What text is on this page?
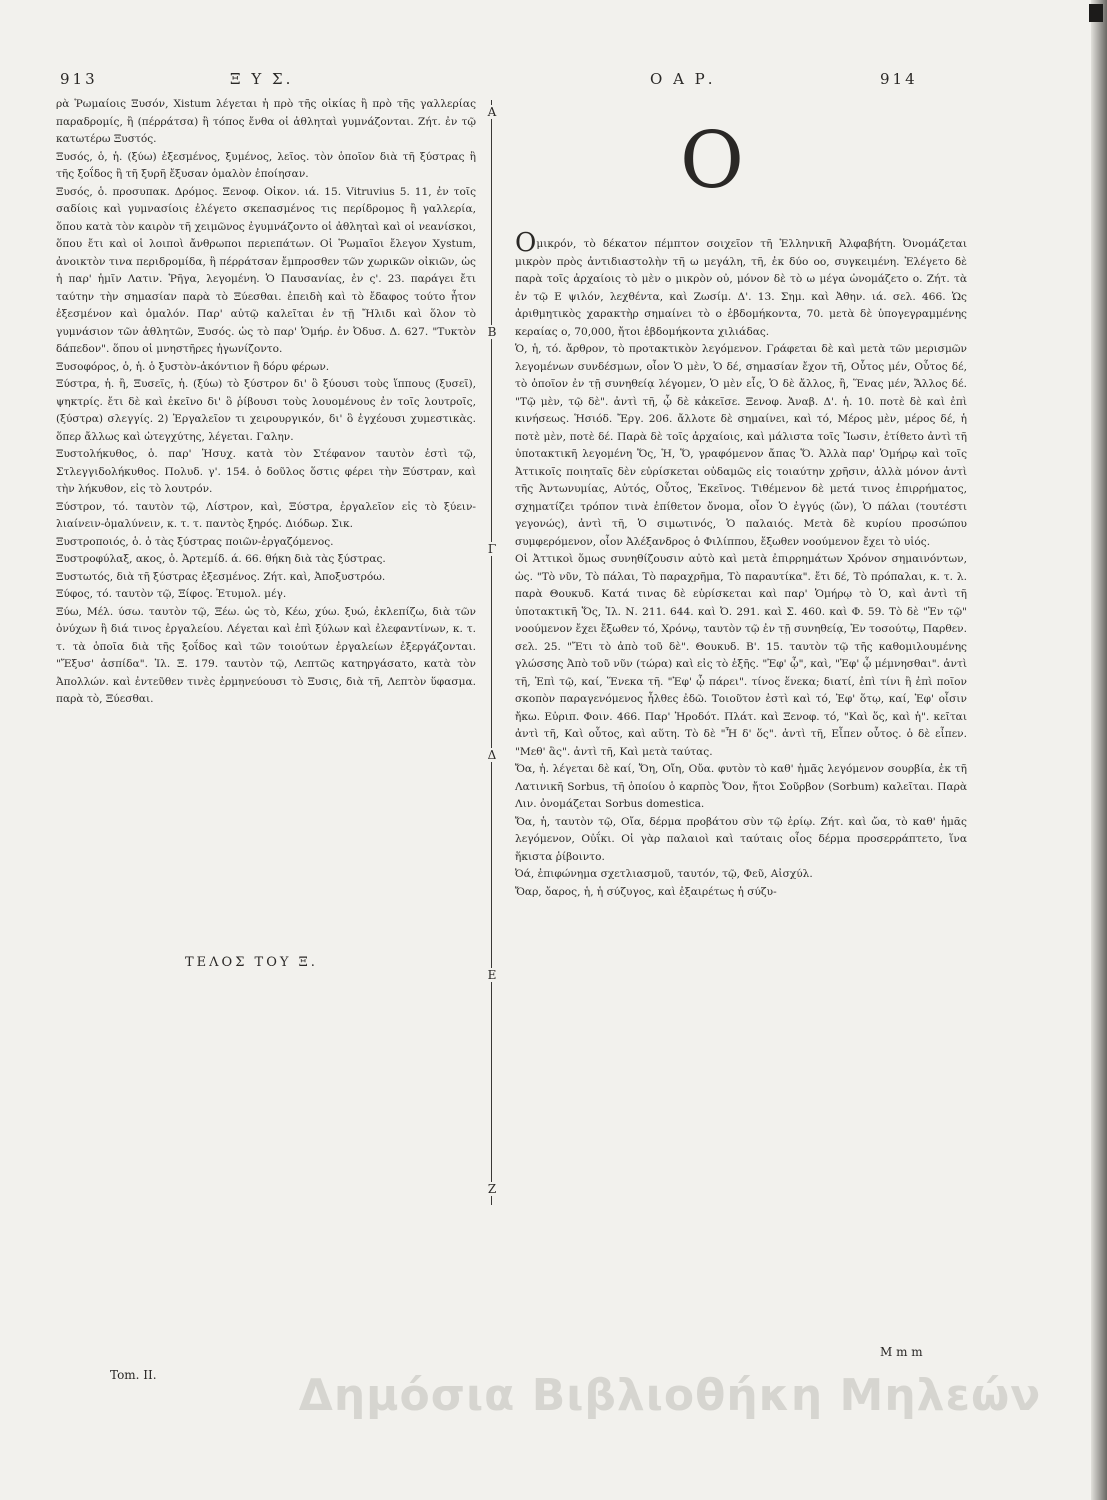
913	Ξ Υ Σ.	Ο Α Ρ.	914

ρὰ Ῥωμαίοις Ξυσόν, Xistum λέγεται ἡ πρὸ τῆς οἰκίας ἢ πρὸ τῆς γαλλερίας παραδρομίς, ἢ (πέρράτσα) ἢ τόπος ἔνθα οἱ ἀθληταὶ γυμνάζονται. Ζήτ. ἐν τῷ κατωτέρω Ξυστός.

Ξυσός, ὁ, ἡ. (ξύω) ἐξεσμένος, ξυμένος, λεῖος. τὸν ὁποῖον διὰ τῆ ξύστρας ἢ τῆς ξοΐδος ἢ τῆ ξυρῆ ἔξυσαν ὁμαλὸν ἐποίησαν.

Ξυσός, ὁ. προσυπακ. Δρόμος. Ξενοφ. Οἰκον. ιά. 15. Vitruvius 5. 11, ἐν τοῖς σαδίοις καὶ γυμνασίοις ἐλέγετο σκεπασμένος τις περίδρομος ἢ γαλλερία, ὅπου κατὰ τὸν καιρὸν τῆ χειμῶνος ἐγυμνάζοντο οἱ ἀθληταὶ καὶ οἱ νεανίσκοι, ὅπου ἔτι καὶ οἱ λοιποὶ ἄνθρωποι περιεπάτων. Οἱ Ῥωμαῖοι ἔλεγον Xystum, ἀνοικτὸν τινα περιδρομίδα, ἢ πέρράτσαν ἔμπροσθεν τῶν χωρικῶν οἰκιῶν, ὡς ἡ παρ' ἡμῖν Λατιν. Ῥῆγα, λεγομένη. Ὁ Παυσανίας, ἐν ς'. 23. παράγει ἔτι ταύτην τὴν σημασίαν παρὰ τὸ Ξύεσθαι. ἐπειδὴ καὶ τὸ ἔδαφος τούτο ἦτον ἐξεσμένον καὶ ὁμαλόν. Παρ' αὐτῷ καλεῖται ἐν τῇ Ἤλιδι καὶ ὅλον τὸ γυμνάσιον τῶν ἀθλητῶν, Ξυσός. ὡς τὸ παρ' Ὁμήρ. ἐν Ὀδυσ. Δ. 627. "Τυκτὸν δάπεδον". ὅπου οἱ μνηστῆρες ἠγωνίζοντο.

Ξυσοφόρος, ὁ, ἡ. ὁ ξυστὸν-ἀκόντιον ἢ δόρυ φέρων.

Ξύστρα, ἡ. ἢ, Ξυσεῖς, ἡ. (ξύω) τὸ ξύστρον δι' ὃ ξύουσι τοὺς ἵππους (ξυσεῖ), ψηκτρίς. ἔτι δὲ καὶ ἐκεῖνο δι' ὃ ῥίβουσι τοὺς λουομένους ἐν τοῖς λουτροῖς, (ξύστρα) σλεγγίς. 2) Ἐργαλεῖον τι χειρουργικόν, δι' ὃ ἐγχέουσι χυμεστικὰς. ὅπερ ἄλλως καὶ ὠτεγχύτης, λέγεται. Γαλην.

Ξυστολήκυθος, ὁ. παρ' Ἡσυχ. κατὰ τὸν Στέφανον ταυτὸν ἐστὶ τῷ, Στλεγγιδολήκυθος. Πολυδ. γ'. 154. ὁ δοῦλος ὅστις φέρει τὴν Ξύστραν, καὶ τὴν λήκυθον, εἰς τὸ λουτρόν.

Ξύστρον, τό. ταυτὸν τῷ, Λίστρον, καὶ, Ξύστρα, ἐργαλεῖον εἰς τὸ ξύειν-λιαίνειν-ὁμαλύνειν, κ. τ. τ. παντὸς ξηρός. Διόδωρ. Σικ.

Ξυστροποιός, ὁ. ὁ τὰς ξύστρας ποιῶν-ἐργαζόμενος.

Ξυστροφύλαξ, ακος, ὁ. Ἀρτεμίδ. ά. 66. θήκη διὰ τὰς ξύστρας.

Ξυστωτός, διὰ τῆ ξύστρας ἐξεσμένος. Ζήτ. καὶ, Ἀποξυστρόω.

Ξύφος, τό. ταυτὸν τῷ, Ξίφος. Ἐτυμολ. μέγ.

Ξύω, Μέλ. ύσω. ταυτὸν τῷ, Ξέω. ὡς τὸ, Κέω, χύω. ξυώ, ἐκλεπίζω, διὰ τῶν ὀνύχων ἢ διά τινος ἐργαλείου. Λέγεται καὶ ἐπὶ ξύλων καὶ ἐλεφαντίνων, κ. τ. τ. τὰ ὁποῖα διὰ τῆς ξοΐδος καὶ τῶν τοιούτων ἐργαλείων ἐξεργάζονται. "Ἔξυσ' ἀσπίδα". Ἰλ. Ξ. 179. ταυτὸν τῷ, Λεπτῶς κατηργάσατο, κατὰ τὸν Ἀπολλών. καὶ ἐντεῦθεν τινὲς ἐρμηνεύουσι τὸ Ξυσις, διὰ τῆ, Λεπτὸν ὕφασμα. παρὰ τὸ, Ξύεσθαι.

A
B
Γ
Δ
E
Z
O

Ομικρόν, τὸ δέκατον πέμπτον σοιχεῖον τῆ Ἑλληνικῆ Ἀλφαβήτη. Ὀνομάζεται μικρὸν πρὸς ἀντιδιαστολὴν τῆ ω μεγάλη, τῆ, ἐκ δύο οο, συγκειμένη. Ἐλέγετο δὲ παρὰ τοῖς ἀρχαίοις τὸ μὲν ο μικρὸν οὐ, μόνον δὲ τὸ ω μέγα ὠνομάζετο ο. Ζήτ. τὰ ἐν τῷ Ε ψιλόν, λεχθέντα, καὶ Ζωσίμ. Δ'. 13. Σημ. καὶ Ἀθην. ιά. σελ. 466. Ὡς ἀριθμητικὸς χαρακτὴρ σημαίνει τὸ ο ἑβδομήκοντα, 70. μετὰ δὲ ὑπογεγραμμένης κεραίας ο, 70,000, ἤτοι ἑβδομήκοντα χιλιάδας.

Ὁ, ἡ, τό. ἄρθρον, τὸ προτακτικὸν λεγόμενον. Γράφεται δὲ καὶ μετὰ τῶν μερισμῶν λεγομένων συνδέσμων, οἷον Ὁ μὲν, Ὁ δέ, σημασίαν ἔχον τῆ, Οὗτος μέν, Οὗτος δέ, τὸ ὁποῖον ἐν τῇ συνηθείᾳ λέγομεν, Ὁ μὲν εἷς, Ὁ δὲ ἄλλος, ἢ, Ἕνας μέν, Ἄλλος δέ. "Τῷ μὲν, τῷ δὲ". ἀντὶ τῆ, ᾧ δὲ κἀκεῖσε. Ξενοφ. Ἀναβ. Δ'. ἡ. 10. ποτὲ δὲ καὶ ἐπὶ κινήσεως. Ἡσιόδ. Ἔργ. 206. ἄλλοτε δὲ σημαίνει, καὶ τό, Μέρος μὲν, μέρος δέ, ἡ ποτὲ μὲν, ποτὲ δέ. Παρὰ δὲ τοῖς ἀρχαίοις, καὶ μάλιστα τοῖς Ἴωσιν, ἐτίθετο ἀντὶ τῆ ὑποτακτικῆ λεγομένη Ὅς, Ἡ, Ὅ, γραφόμενον ἄπας Ὅ. Ἀλλὰ παρ' Ὁμήρῳ καὶ τοῖς Ἀττικοῖς ποιηταῖς δὲν εὑρίσκεται οὐδαμῶς εἰς τοιαύτην χρῆσιν, ἀλλὰ μόνον ἀντὶ τῆς Ἀντωνυμίας, Αὐτός, Οὗτος, Ἐκεῖνος. Τιθέμενον δὲ μετά τινος ἐπιρρήματος, σχηματίζει τρόπον τινὰ ἐπίθετον ὄνομα, οἷον Ὁ ἐγγύς (ὤν), Ὁ πάλαι (τουτέστι γεγονώς), ἀντὶ τῆ, Ὁ σιμωτινός, Ὁ παλαιός. Μετὰ δὲ κυρίου προσώπου συμφερόμενον, οἷον Ἀλέξανδρος ὁ Φιλίππου, ἔξωθεν νοούμενον ἔχει τὸ υἱός.

Οἱ Ἀττικοὶ ὅμως συνηθίζουσιν αὐτὸ καὶ μετὰ ἐπιρρημάτων Χρόνον σημαινόντων, ὡς. "Τὸ νῦν, Τὸ πάλαι, Τὸ παραχρῆμα, Τὸ παραυτίκα". ἔτι δέ, Τὸ πρόπαλαι, κ. τ. λ. παρὰ Θουκυδ. Κατά τινας δὲ εὑρίσκεται καὶ παρ' Ὁμήρῳ τὸ Ὁ, καὶ ἀντὶ τῆ ὑποτακτικῆ Ὅς, Ἰλ. Ν. 211. 644. καὶ Ὀ. 291. καὶ Σ. 460. καὶ Φ. 59. Τὸ δὲ "Ἐν τῷ" νοούμενον ἔχει ἔξωθεν τό, Χρόνῳ, ταυτὸν τῷ ἐν τῇ συνηθείᾳ, Ἐν τοσούτῳ, Παρθεν. σελ. 25. "Ἔτι τὸ ἀπὸ τοῦ δὲ". Θουκυδ. Β'. 15. ταυτὸν τῷ τῆς καθομιλουμένης γλώσσης Ἀπὸ τοῦ νῦν (τώρα) καὶ εἰς τὸ ἑξῆς. "Ἐφ' ᾧ", καὶ, "Ἐφ' ᾧ μέμνησθαι". ἀντὶ τῆ, Ἐπὶ τῷ, καί, Ἕνεκα τῆ. "Ἐφ' ᾧ πάρει". τίνος ἕνεκα; διατί, ἐπὶ τίνι ἢ ἐπὶ ποῖον σκοπὸν παραγενόμενος ἦλθες ἐδῶ. Τοιοῦτον ἐστὶ καὶ τό, Ἐφ' ὅτῳ, καί, Ἐφ' οἷσιν ἤκω. Εὐριπ. Φοιν. 466. Παρ' Ἡροδότ. Πλάτ. καὶ Ξενοφ. τό, "Καὶ ὅς, καὶ ἡ". κεῖται ἀντὶ τῆ, Καὶ οὗτος, καὶ αὕτη. Τὸ δὲ "Ἦ δ' ὅς". ἀντὶ τῆ, Εἶπεν οὗτος. ὁ δὲ εἶπεν. "Μεθ' ἃς". ἀντὶ τῆ, Καὶ μετὰ ταύτας.

Ὄα, ἡ. λέγεται δὲ καί, Ὄη, Οἴη, Οὔα. φυτὸν τὸ καθ' ἡμᾶς λεγόμενον σουρβία, ἐκ τῆ Λατινικῆ Sorbus, τῆ ὁποίου ὁ καρπὸς Ὄον, ἤτοι Σοῦρβον (Sorbum) καλεῖται. Παρὰ Λιν. ὀνομάζεται Sorbus domestica.

Ὄα, ἡ, ταυτὸν τῷ, Οἴα, δέρμα προβάτου σὺν τῷ ἐρίῳ. Ζήτ. καὶ ὤα, τὸ καθ' ἡμᾶς λεγόμενον, Οὐΐκι. Οἱ γὰρ παλαιοὶ καὶ ταύταις οἷος δέρμα προσερράπτετο, ἵνα ἥκιστα ῥίβοιντο.

Ὀά, ἐπιφώνημα σχετλιασμοῦ, ταυτόν, τῷ, Φεῦ, Αἰσχύλ.

Ὄαρ, ὄαρος, ἡ, ἡ σύζυγος, καὶ ἐξαιρέτως ἡ σύζυ-

ΤΕΛΟΣ ΤΟΥ Ξ.
Tom. II.
M m m
Δημόσια Βιβλιοθήκη Μηλεών
